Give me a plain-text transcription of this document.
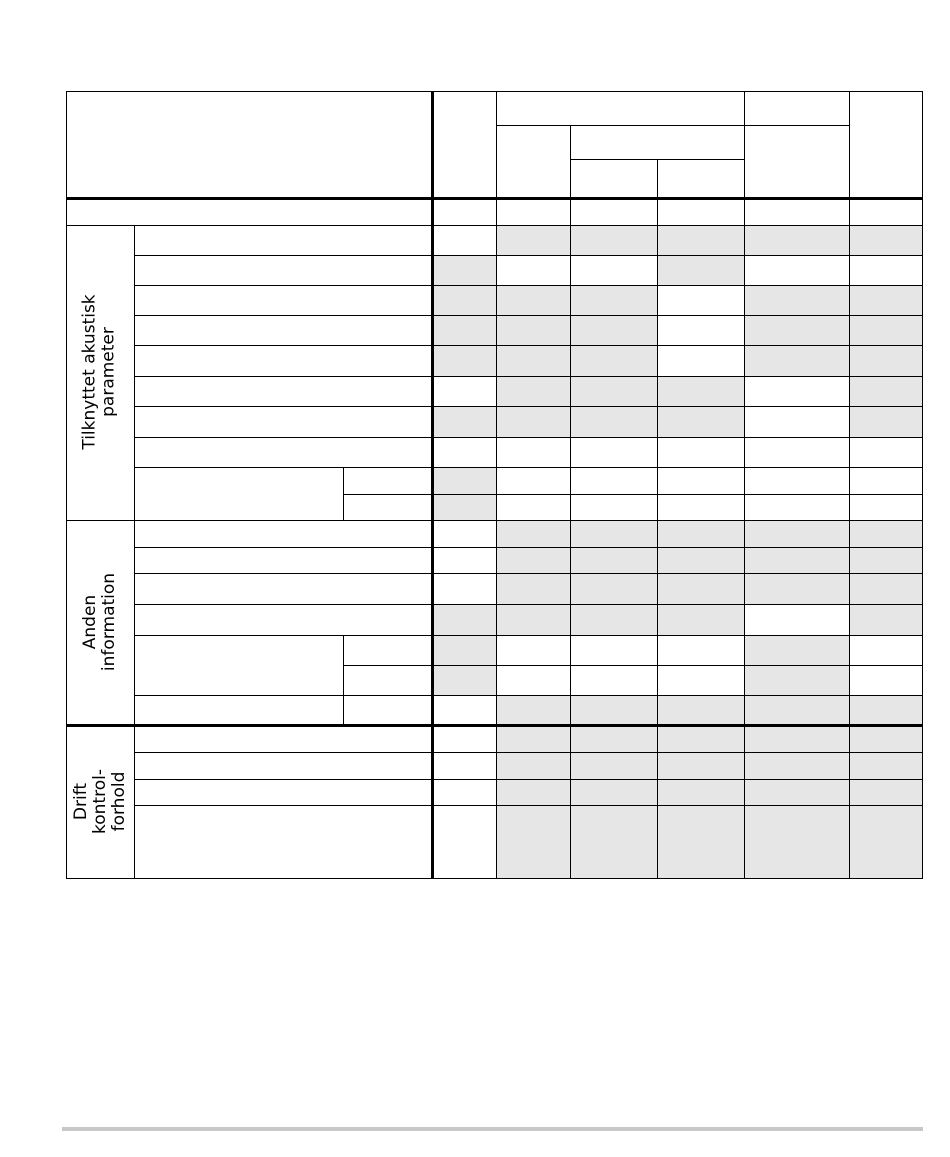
Tilknyttet akustisk
parameter
Anden
information
Drift
kontrol-
forhold
